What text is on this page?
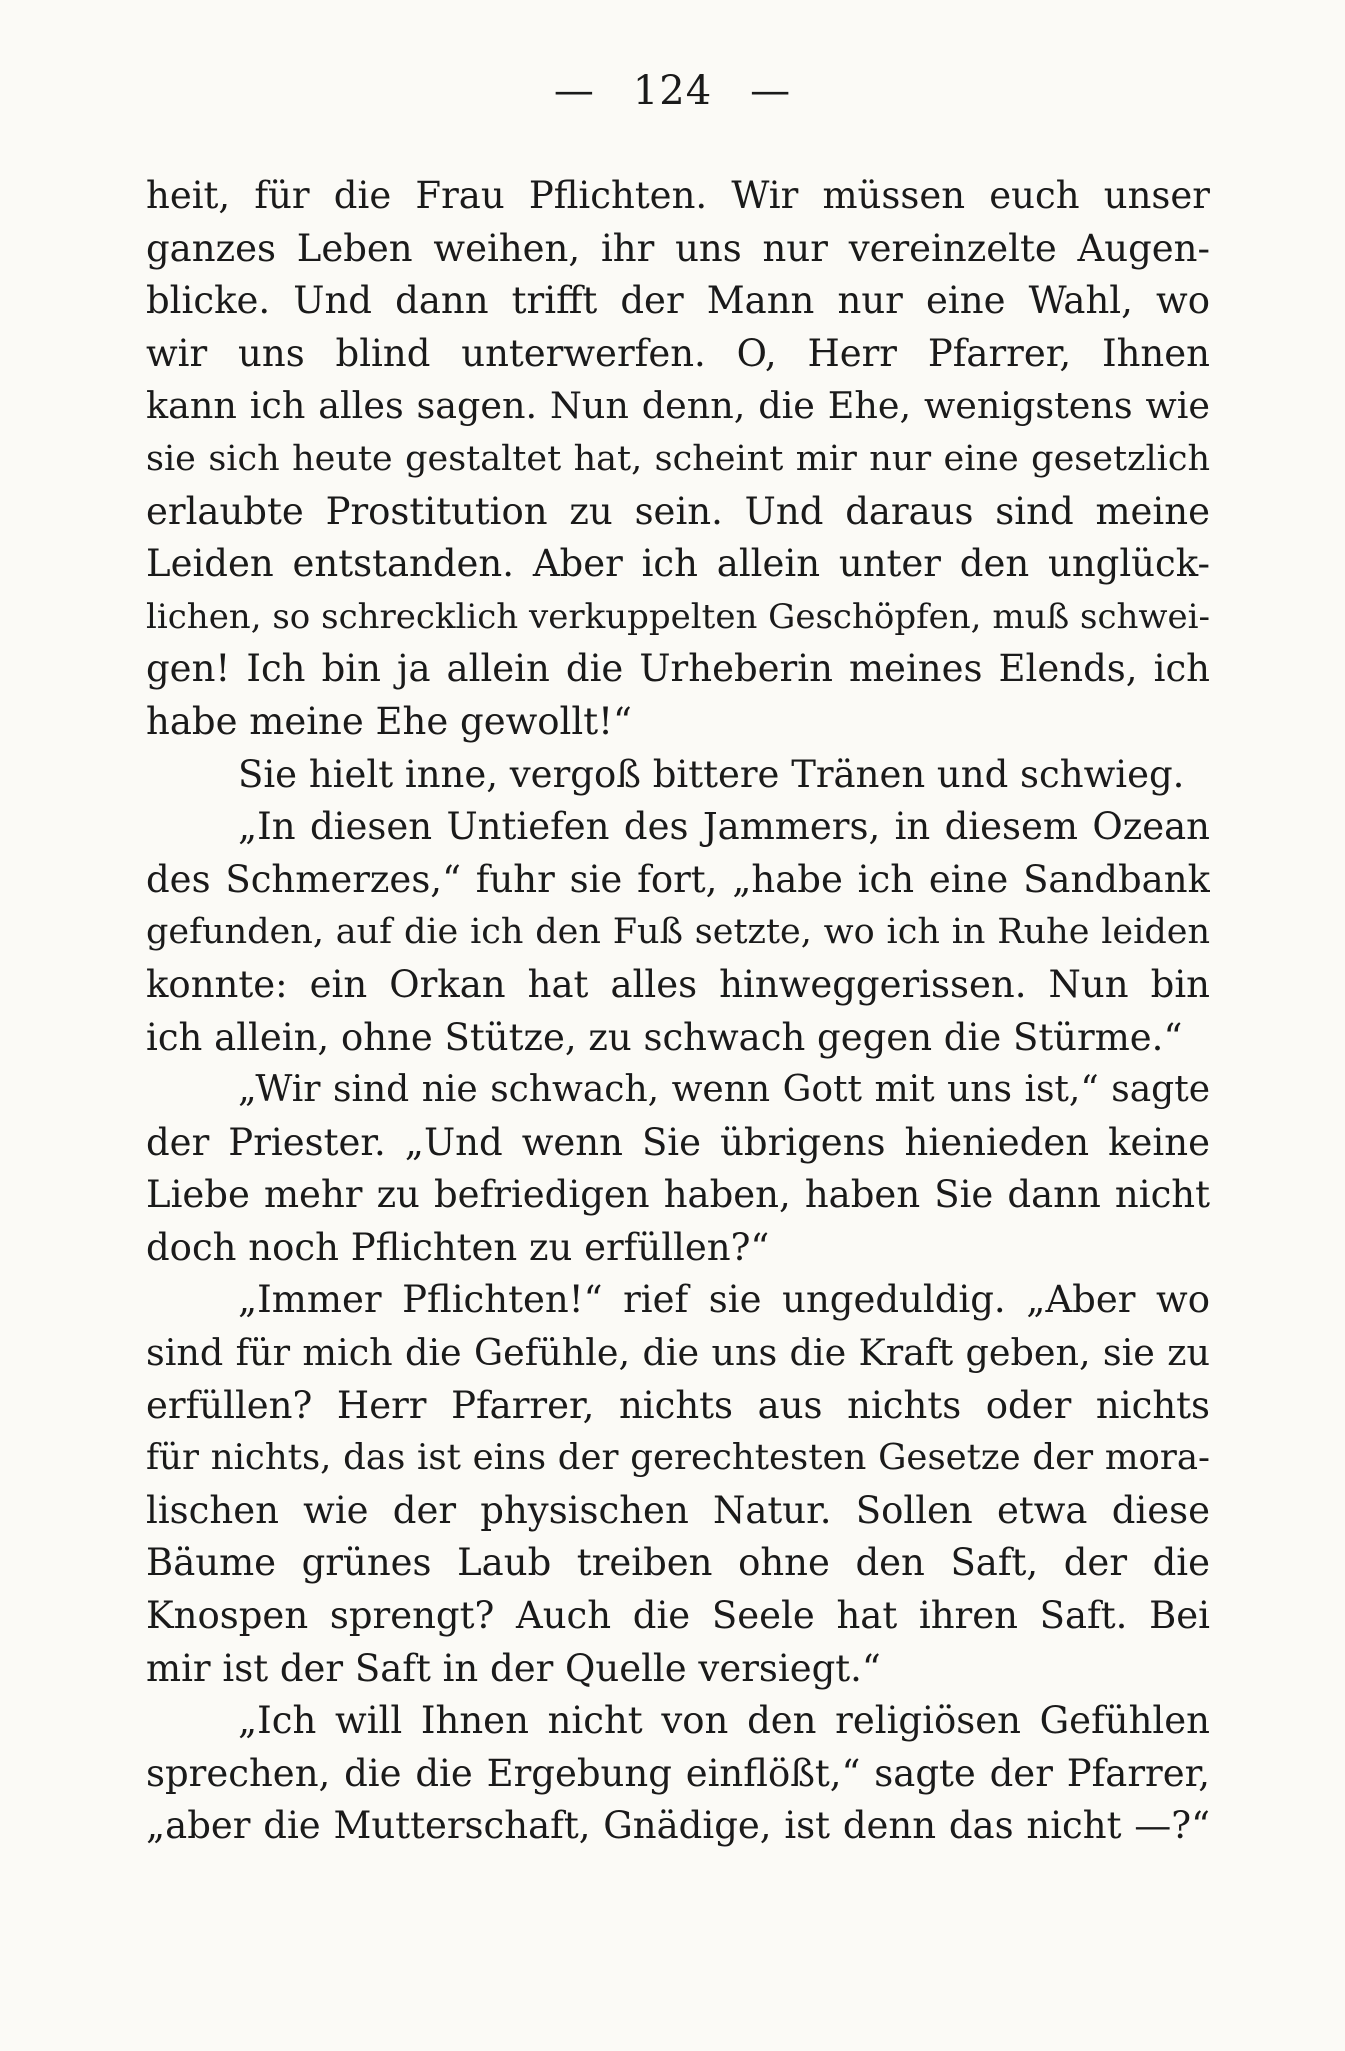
— 124 —
heit, für die Frau Pflichten. Wir müssen euch unser
ganzes Leben weihen, ihr uns nur vereinzelte Augen-
blicke. Und dann trifft der Mann nur eine Wahl, wo
wir uns blind unterwerfen. O, Herr Pfarrer, Ihnen
kann ich alles sagen. Nun denn, die Ehe, wenigstens wie
sie sich heute gestaltet hat, scheint mir nur eine gesetzlich
erlaubte Prostitution zu sein. Und daraus sind meine
Leiden entstanden. Aber ich allein unter den unglück-
lichen, so schrecklich verkuppelten Geschöpfen, muß schwei-
gen! Ich bin ja allein die Urheberin meines Elends, ich
habe meine Ehe gewollt!“
Sie hielt inne, vergoß bittere Tränen und schwieg.
„In diesen Untiefen des Jammers, in diesem Ozean
des Schmerzes,“ fuhr sie fort, „habe ich eine Sandbank
gefunden, auf die ich den Fuß setzte, wo ich in Ruhe leiden
konnte: ein Orkan hat alles hinweggerissen. Nun bin
ich allein, ohne Stütze, zu schwach gegen die Stürme.“
„Wir sind nie schwach, wenn Gott mit uns ist,“ sagte
der Priester. „Und wenn Sie übrigens hienieden keine
Liebe mehr zu befriedigen haben, haben Sie dann nicht
doch noch Pflichten zu erfüllen?“
„Immer Pflichten!“ rief sie ungeduldig. „Aber wo
sind für mich die Gefühle, die uns die Kraft geben, sie zu
erfüllen? Herr Pfarrer, nichts aus nichts oder nichts
für nichts, das ist eins der gerechtesten Gesetze der mora-
lischen wie der physischen Natur. Sollen etwa diese
Bäume grünes Laub treiben ohne den Saft, der die
Knospen sprengt? Auch die Seele hat ihren Saft. Bei
mir ist der Saft in der Quelle versiegt.“
„Ich will Ihnen nicht von den religiösen Gefühlen
sprechen, die die Ergebung einflößt,“ sagte der Pfarrer,
„aber die Mutterschaft, Gnädige, ist denn das nicht —?“
